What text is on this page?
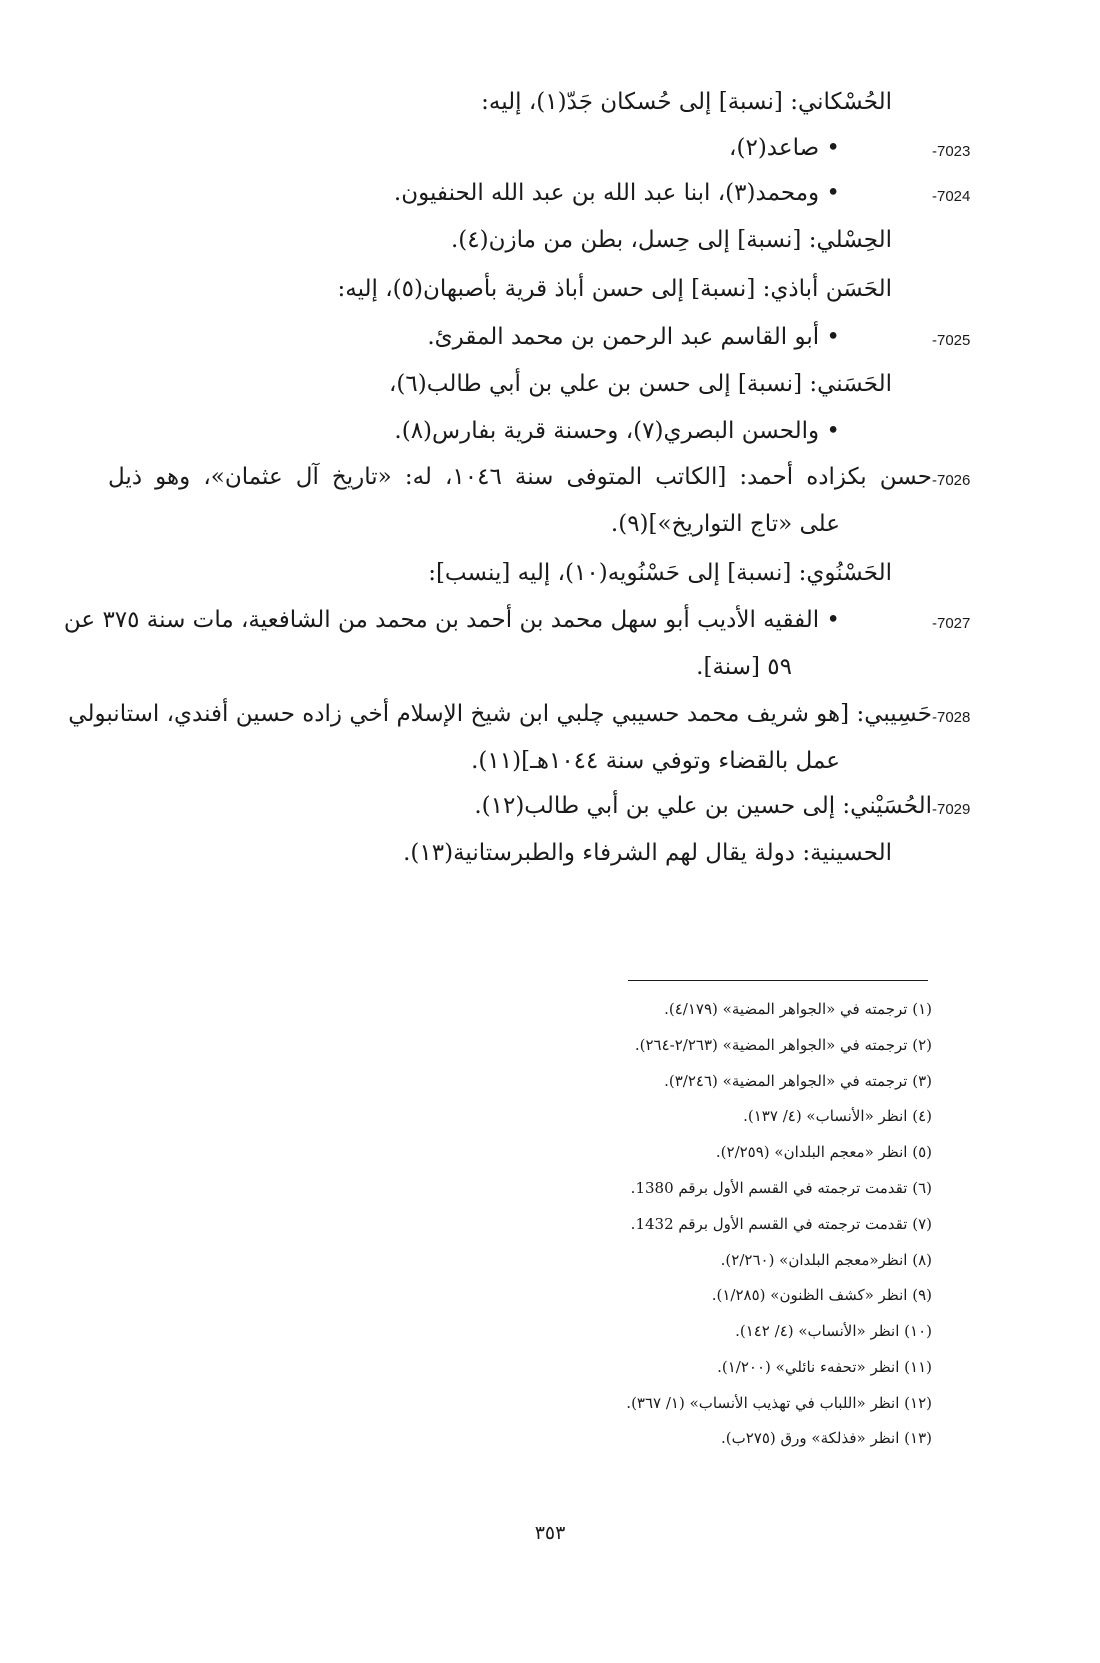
الحُسْكاني: [نسبة] إلى حُسكان جَدّ(١)، إليه:
-7023
• صاعد(٢)،
-7024
• ومحمد(٣)، ابنا عبد الله بن عبد الله الحنفيون.
الحِسْلي: [نسبة] إلى حِسل، بطن من مازن(٤).
الحَسَن أباذي: [نسبة] إلى حسن أباذ قرية بأصبهان(٥)، إليه:
-7025
• أبو القاسم عبد الرحمن بن محمد المقرئ.
الحَسَني: [نسبة] إلى حسن بن علي بن أبي طالب(٦)،
• والحسن البصري(٧)، وحسنة قرية بفارس(٨).
-7026
حسن بكزاده أحمد: [الكاتب المتوفى سنة ١٠٤٦، له: «تاريخ آل عثمان»، وهو ذيل
على «تاج التواريخ»](٩).
الحَسْنُوي: [نسبة] إلى حَسْنُويه(١٠)، إليه [ينسب]:
-7027
• الفقيه الأديب أبو سهل محمد بن أحمد بن محمد من الشافعية، مات سنة ٣٧٥ عن
٥٩ [سنة].
-7028
حَسِيبي: [هو شريف محمد حسيبي چلبي ابن شيخ الإسلام أخي زاده حسين أفندي، استانبولي
عمل بالقضاء وتوفي سنة ١٠٤٤هـ](١١).
-7029
الحُسَيْني: إلى حسين بن علي بن أبي طالب(١٢).
الحسينية: دولة يقال لهم الشرفاء والطبرستانية(١٣).
(١) ترجمته في «الجواهر المضية» (٤/١٧٩).
(٢) ترجمته في «الجواهر المضية» (٢/٢٦٣-٢٦٤).
(٣) ترجمته في «الجواهر المضية» (٣/٢٤٦).
(٤) انظر «الأنساب» (٤/ ١٣٧).
(٥) انظر «معجم البلدان» (٢/٢٥٩).
(٦) تقدمت ترجمته في القسم الأول برقم 1380.
(٧) تقدمت ترجمته في القسم الأول برقم 1432.
(٨) انظر«معجم البلدان» (٢/٢٦٠).
(٩) انظر «كشف الظنون» (١/٢٨٥).
(١٠) انظر «الأنساب» (٤/ ١٤٢).
(١١) انظر «تحفهء نائلي» (١/٢٠٠).
(١٢) انظر «اللباب في تهذيب الأنساب» (١/ ٣٦٧).
(١٣) انظر «فذلكة» ورق (٢٧٥ب).
٣٥٣
